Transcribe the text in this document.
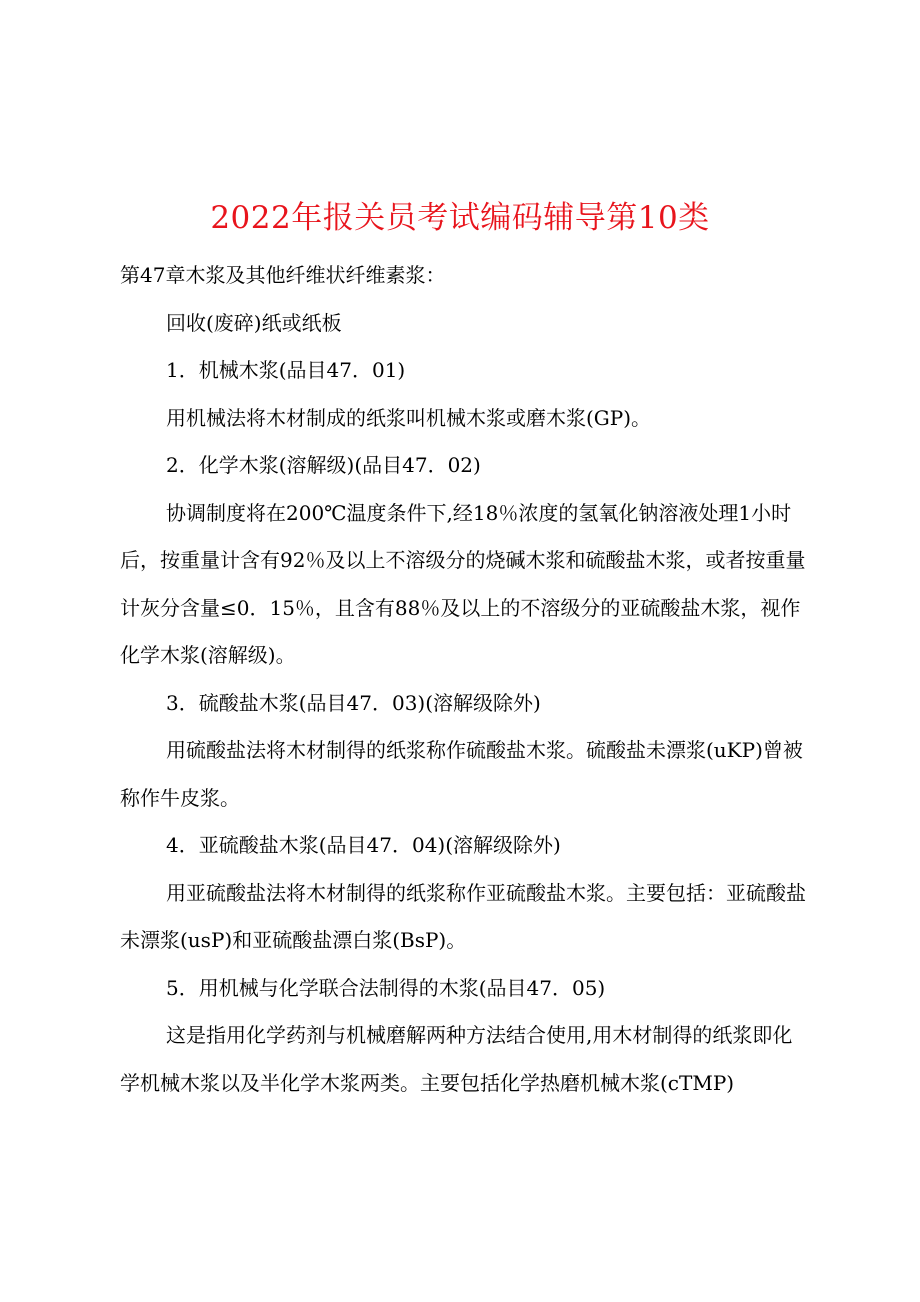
2022年报关员考试编码辅导第10类

第47章木浆及其他纤维状纤维素浆：

回收(废碎)纸或纸板

1．机械木浆(品目47．01)

用机械法将木材制成的纸浆叫机械木浆或磨木浆(GP)。

2．化学木浆(溶解级)(品目47．02)

协调制度将在200℃温度条件下,经18％浓度的氢氧化钠溶液处理1小时后，按重量计含有92％及以上不溶级分的烧碱木浆和硫酸盐木浆，或者按重量计灰分含量≤0．15％，且含有88％及以上的不溶级分的亚硫酸盐木浆，视作化学木浆(溶解级)。

3．硫酸盐木浆(品目47．03)(溶解级除外)

用硫酸盐法将木材制得的纸浆称作硫酸盐木浆。硫酸盐未漂浆(uKP)曾被称作牛皮浆。

4．亚硫酸盐木浆(品目47．04)(溶解级除外)

用亚硫酸盐法将木材制得的纸浆称作亚硫酸盐木浆。主要包括：亚硫酸盐未漂浆(usP)和亚硫酸盐漂白浆(BsP)。

5．用机械与化学联合法制得的木浆(品目47．05)

这是指用化学药剂与机械磨解两种方法结合使用,用木材制得的纸浆即化学机械木浆以及半化学木浆两类。主要包括化学热磨机械木浆(cTMP)
